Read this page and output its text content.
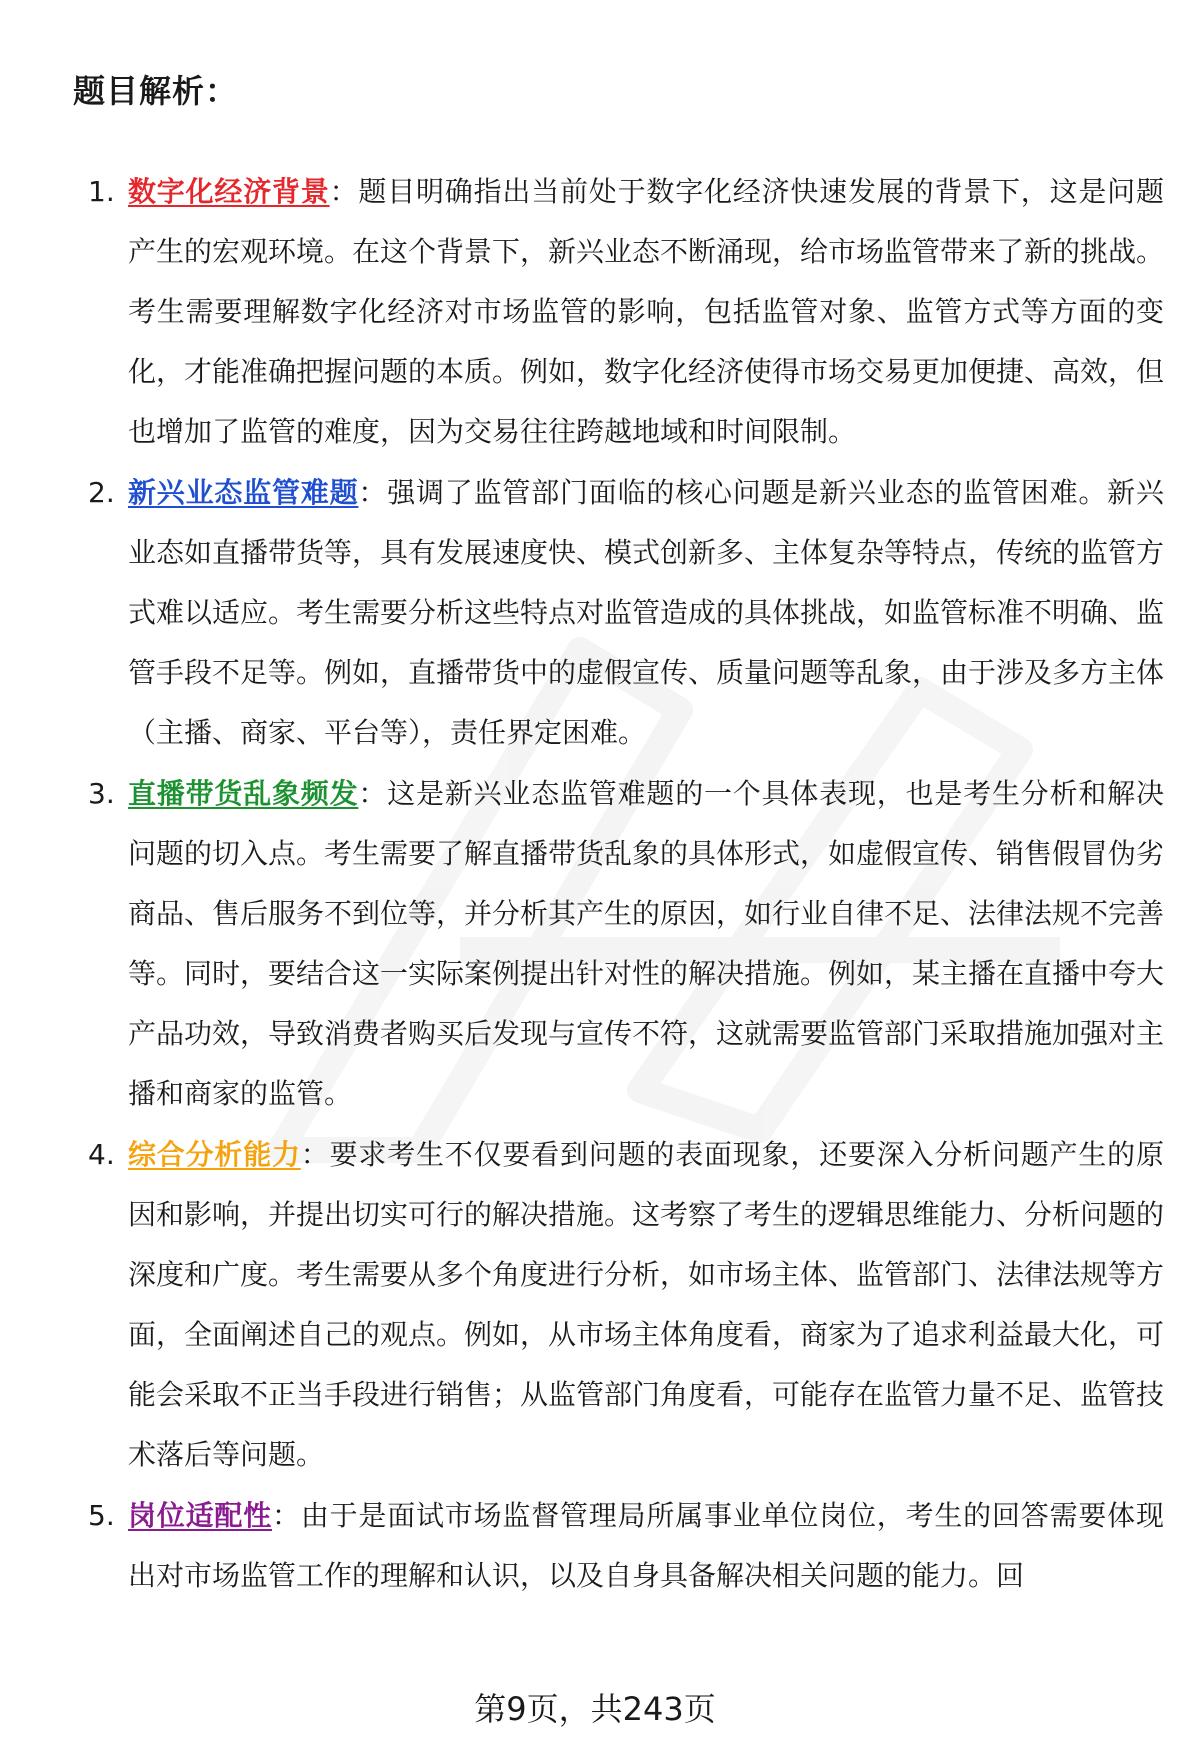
题目解析：
1. 数字化经济背景：题目明确指出当前处于数字化经济快速发展的背景下，这是问题产生的宏观环境。在这个背景下，新兴业态不断涌现，给市场监管带来了新的挑战。考生需要理解数字化经济对市场监管的影响，包括监管对象、监管方式等方面的变化，才能准确把握问题的本质。例如，数字化经济使得市场交易更加便捷、高效，但也增加了监管的难度，因为交易往往跨越地域和时间限制。
2. 新兴业态监管难题：强调了监管部门面临的核心问题是新兴业态的监管困难。新兴业态如直播带货等，具有发展速度快、模式创新多、主体复杂等特点，传统的监管方式难以适应。考生需要分析这些特点对监管造成的具体挑战，如监管标准不明确、监管手段不足等。例如，直播带货中的虚假宣传、质量问题等乱象，由于涉及多方主体（主播、商家、平台等），责任界定困难。
3. 直播带货乱象频发：这是新兴业态监管难题的一个具体表现，也是考生分析和解决问题的切入点。考生需要了解直播带货乱象的具体形式，如虚假宣传、销售假冒伪劣商品、售后服务不到位等，并分析其产生的原因，如行业自律不足、法律法规不完善等。同时，要结合这一实际案例提出针对性的解决措施。例如，某主播在直播中夸大产品功效，导致消费者购买后发现与宣传不符，这就需要监管部门采取措施加强对主播和商家的监管。
4. 综合分析能力：要求考生不仅要看到问题的表面现象，还要深入分析问题产生的原因和影响，并提出切实可行的解决措施。这考察了考生的逻辑思维能力、分析问题的深度和广度。考生需要从多个角度进行分析，如市场主体、监管部门、法律法规等方面，全面阐述自己的观点。例如，从市场主体角度看，商家为了追求利益最大化，可能会采取不正当手段进行销售；从监管部门角度看，可能存在监管力量不足、监管技术落后等问题。
5. 岗位适配性：由于是面试市场监督管理局所属事业单位岗位，考生的回答需要体现出对市场监管工作的理解和认识，以及自身具备解决相关问题的能力。回
第9页，共243页
